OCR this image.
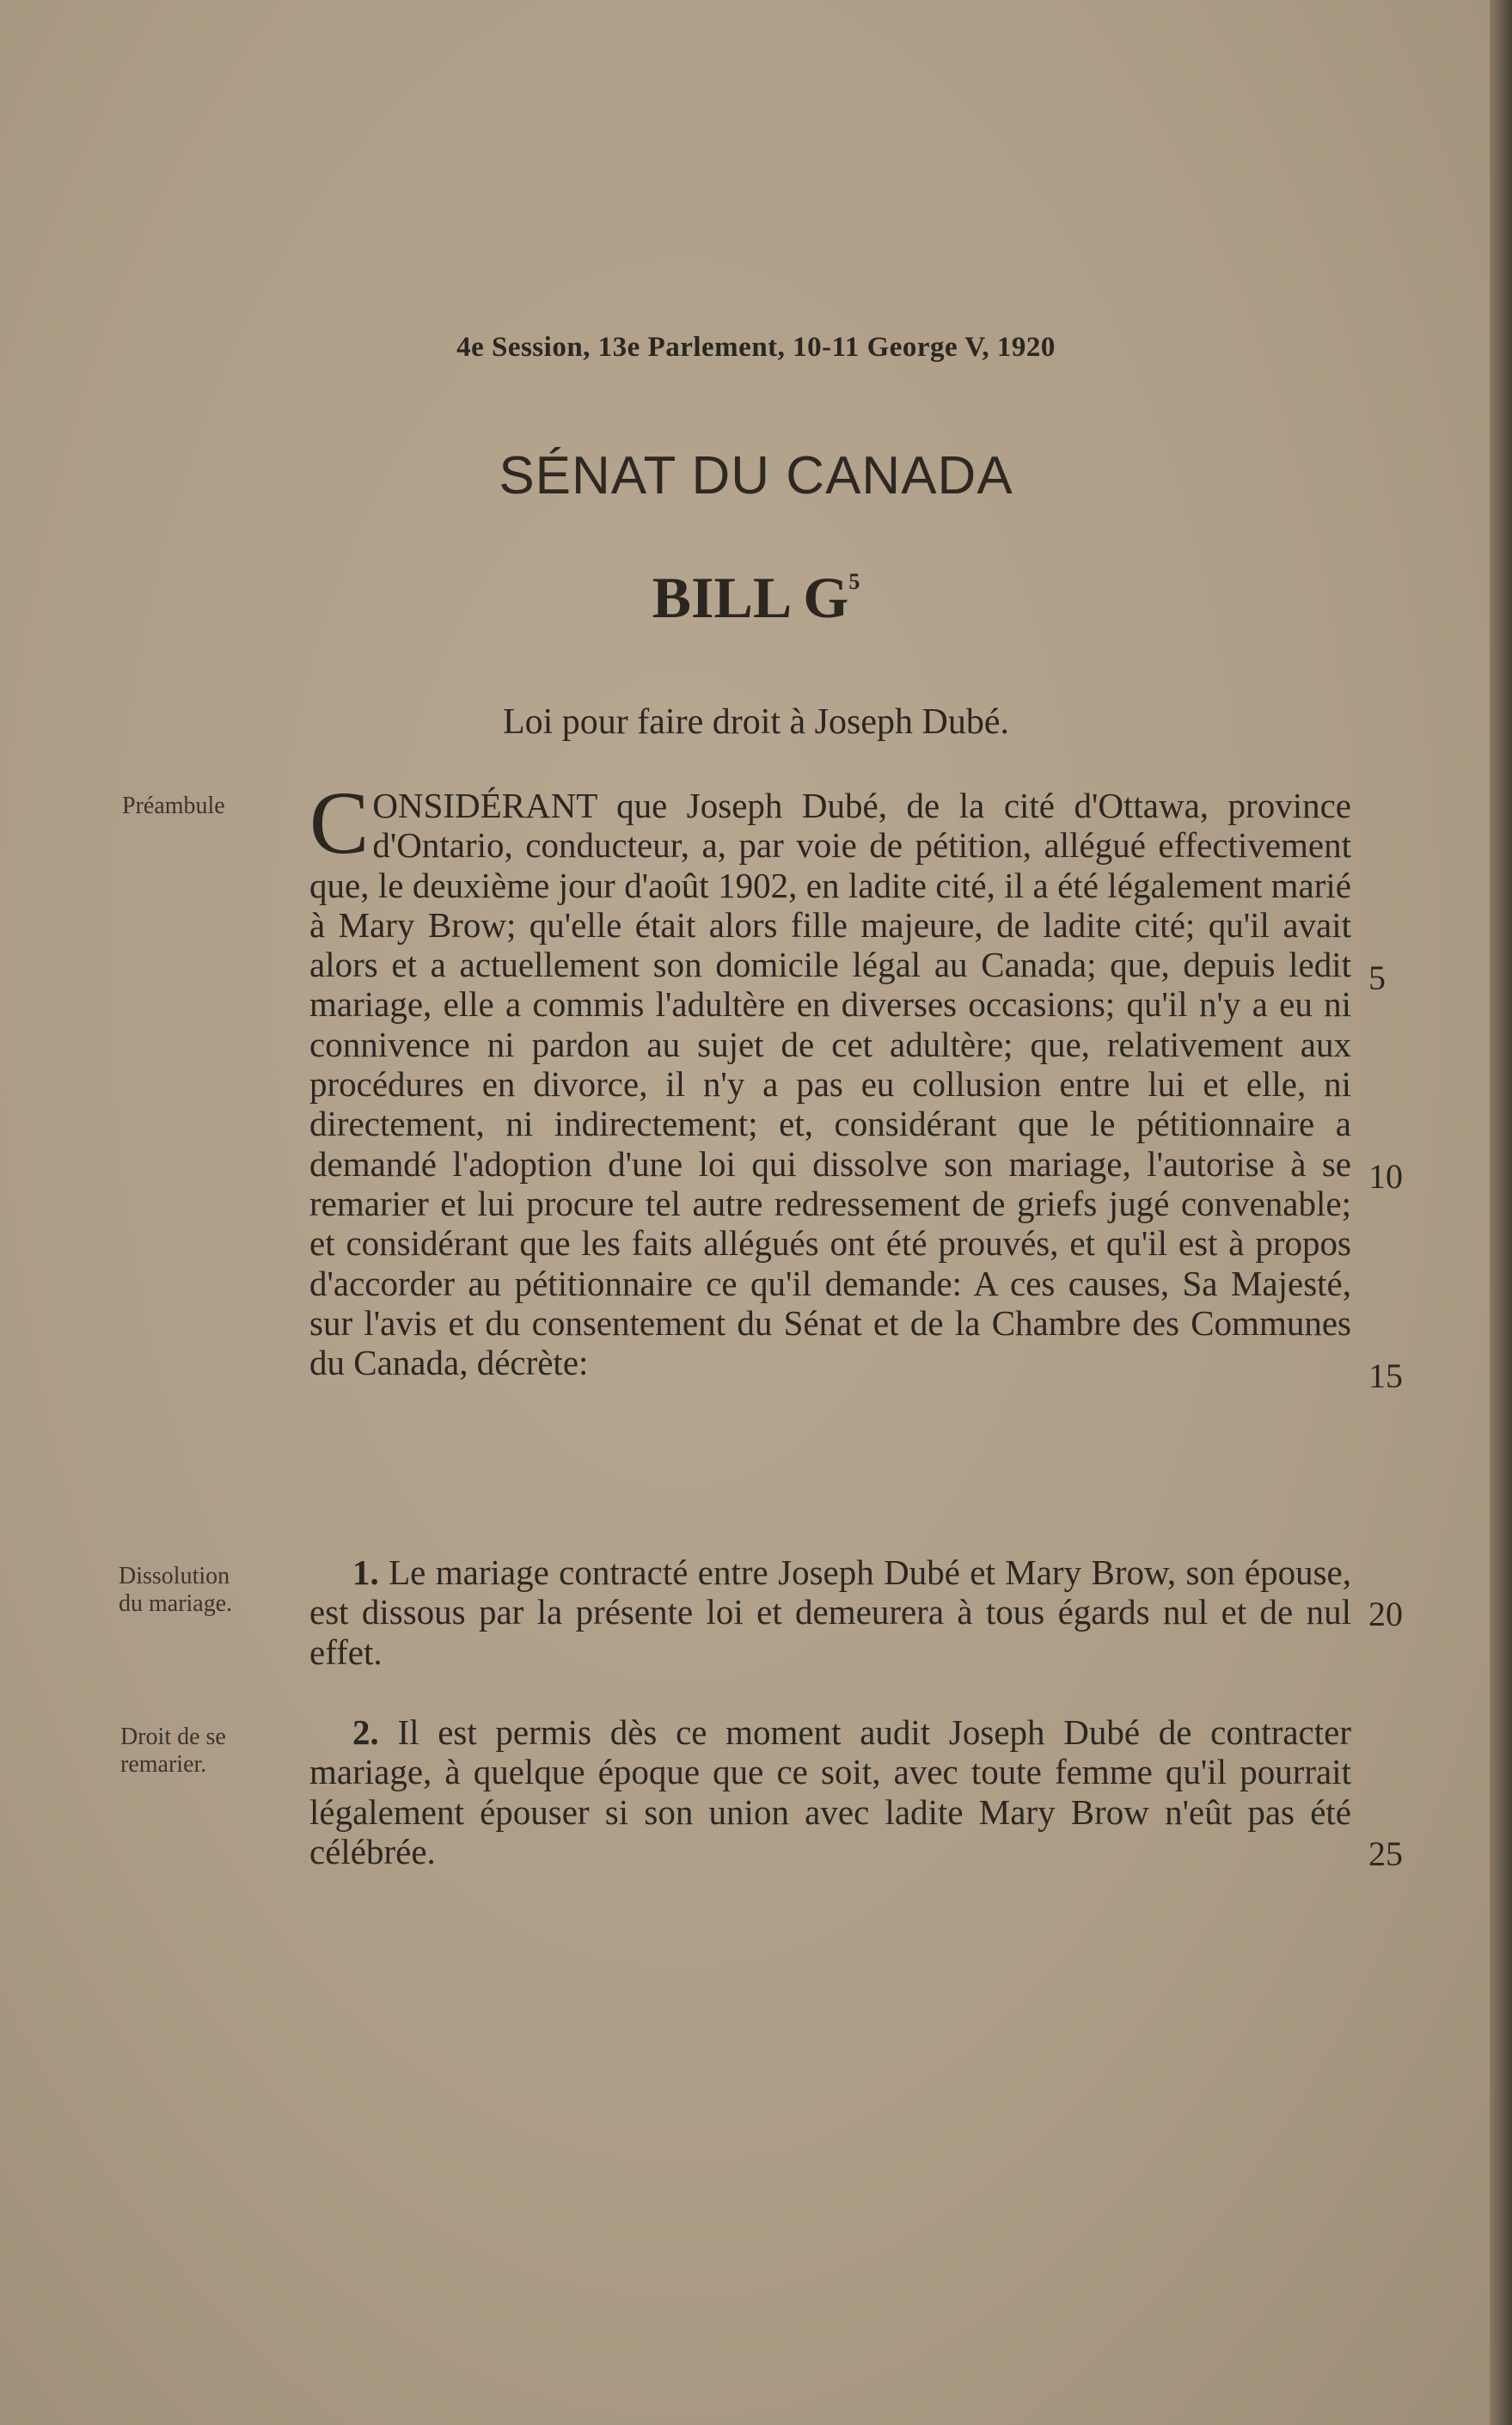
4e Session, 13e Parlement, 10-11 George V, 1920
SÉNAT DU CANADA
BILL $G^5$
Loi pour faire droit à Joseph Dubé.
Préambule
Dissolution
du mariage.
Droit de se
remarier.
CONSIDÉRANT que Joseph Dubé, de la cité d'Ottawa, province d'Ontario, conducteur, a, par voie de pétition, allégué effectivement que, le deuxième jour d'août 1902, en ladite cité, il a été légalement marié à Mary Brow; qu'elle était alors fille majeure, de ladite cité; qu'il avait alors et a actuellement son domicile légal au Canada; que, depuis ledit mariage, elle a commis l'adultère en diverses occasions; qu'il n'y a eu ni connivence ni pardon au sujet de cet adultère; que, relativement aux procédures en divorce, il n'y a pas eu collusion entre lui et elle, ni directement, ni indirectement; et, considérant que le pétitionnaire a demandé l'adoption d'une loi qui dissolve son mariage, l'autorise à se remarier et lui procure tel autre redressement de griefs jugé convenable; et considérant que les faits allégués ont été prouvés, et qu'il est à propos d'accorder au pétitionnaire ce qu'il demande: A ces causes, Sa Majesté, sur l'avis et du consentement du Sénat et de la Chambre des Communes du Canada, décrète:
1. Le mariage contracté entre Joseph Dubé et Mary Brow, son épouse, est dissous par la présente loi et demeurera à tous égards nul et de nul effet.
2. Il est permis dès ce moment audit Joseph Dubé de contracter mariage, à quelque époque que ce soit, avec toute femme qu'il pourrait légalement épouser si son union avec ladite Mary Brow n'eût pas été célébrée.
5
10
15
20
25
